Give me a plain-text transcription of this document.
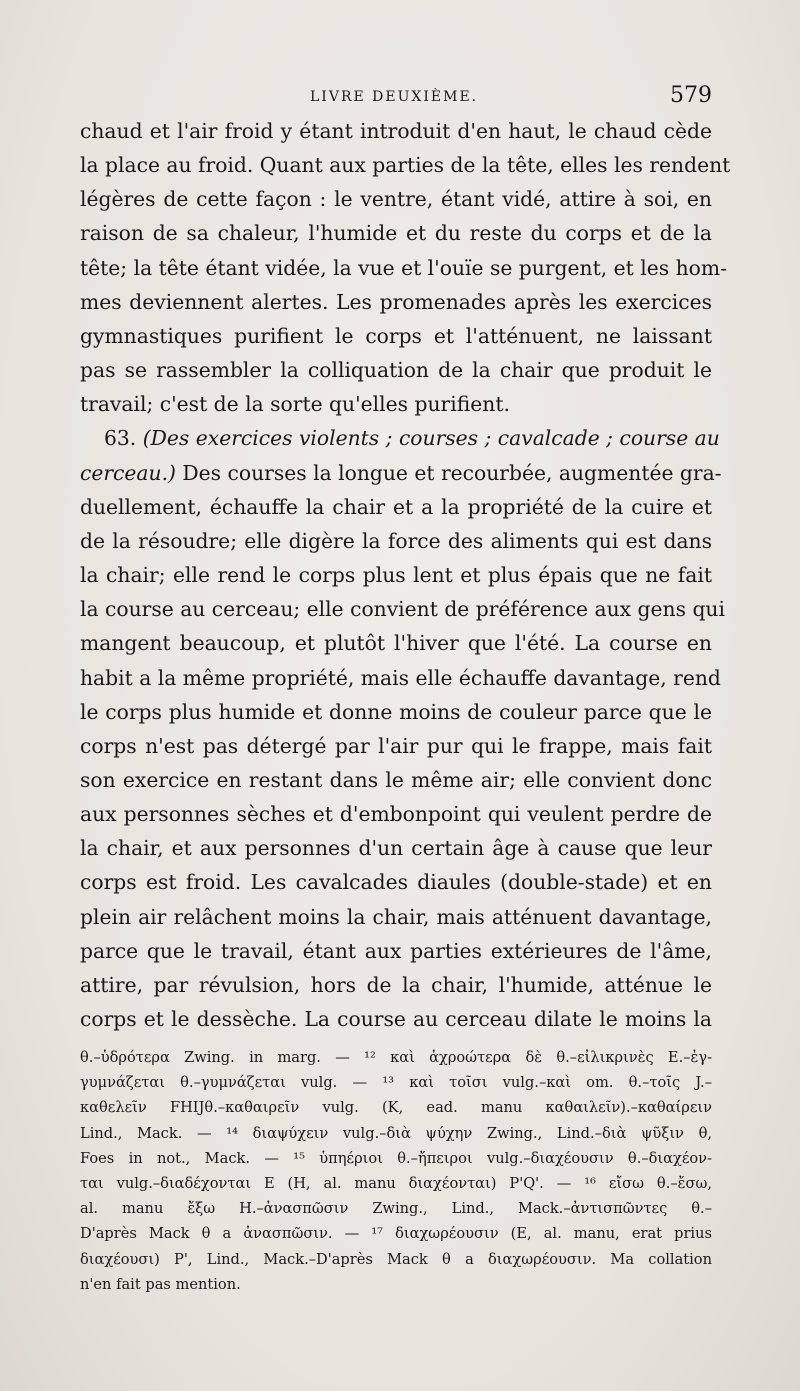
LIVRE DEUXIÈME.	579
chaud et l'air froid y étant introduit d'en haut, le chaud cède
la place au froid. Quant aux parties de la tête, elles les rendent
légères de cette façon : le ventre, étant vidé, attire à soi, en
raison de sa chaleur, l'humide et du reste du corps et de la
tête; la tête étant vidée, la vue et l'ouïe se purgent, et les hom-
mes deviennent alertes. Les promenades après les exercices
gymnastiques purifient le corps et l'atténuent, ne laissant
pas se rassembler la colliquation de la chair que produit le
travail; c'est de la sorte qu'elles purifient.
63. (Des exercices violents ; courses ; cavalcade ; course au
cerceau.) Des courses la longue et recourbée, augmentée gra-
duellement, échauffe la chair et a la propriété de la cuire et
de la résoudre; elle digère la force des aliments qui est dans
la chair; elle rend le corps plus lent et plus épais que ne fait
la course au cerceau; elle convient de préférence aux gens qui
mangent beaucoup, et plutôt l'hiver que l'été. La course en
habit a la même propriété, mais elle échauffe davantage, rend
le corps plus humide et donne moins de couleur parce que le
corps n'est pas détergé par l'air pur qui le frappe, mais fait
son exercice en restant dans le même air; elle convient donc
aux personnes sèches et d'embonpoint qui veulent perdre de
la chair, et aux personnes d'un certain âge à cause que leur
corps est froid. Les cavalcades diaules (double-stade) et en
plein air relâchent moins la chair, mais atténuent davantage,
parce que le travail, étant aux parties extérieures de l'âme,
attire, par révulsion, hors de la chair, l'humide, atténue le
corps et le dessèche. La course au cerceau dilate le moins la
θ.–ὑδρότερα Zwing. in marg. — ¹² καὶ ἀχροώτερα δὲ θ.–εἰλικρινὲς E.–ἐγ-
γυμνάζεται θ.–γυμνάζεται vulg. — ¹³ καὶ τοῖσι vulg.–καὶ om. θ.–τοῖς J.–
καθελεῖν FHIJθ.–καθαιρεῖν vulg. (K, ead. manu καθαιλεῖν).–καθαίρειν
Lind., Mack. — ¹⁴ διαψύχειν vulg.–διὰ ψύχην Zwing., Lind.–διὰ ψῦξιν θ,
Foes in not., Mack. — ¹⁵ ὑπηέριοι θ.–ἤπειροι vulg.–διαχέουσιν θ.–διαχέον-
ται vulg.–διαδέχονται E (H, al. manu διαχέονται) P'Q'. — ¹⁶ εἴσω θ.–ἔσω,
al. manu ἔξω H.–ἀνασπῶσιν Zwing., Lind., Mack.–ἀντισπῶντες θ.–
D'après Mack θ a ἀνασπῶσιν. — ¹⁷ διαχωρέουσιν (E, al. manu, erat prius
διαχέουσι) P', Lind., Mack.–D'après Mack θ a διαχωρέουσιν. Ma collation
n'en fait pas mention.
